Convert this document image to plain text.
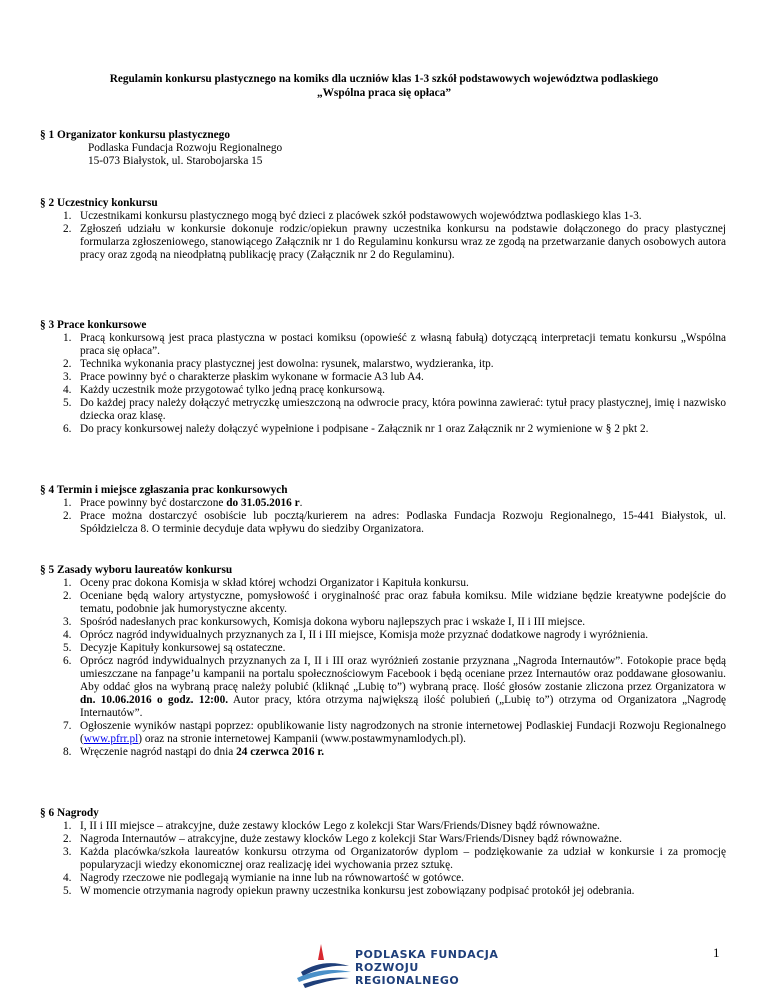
Regulamin konkursu plastycznego na komiks dla uczniów klas 1-3 szkół podstawowych województwa podlaskiego
„Wspólna praca się opłaca”
§ 1 Organizator konkursu plastycznego
Podlaska Fundacja Rozwoju Regionalnego
15-073 Białystok, ul. Starobojarska 15
§ 2 Uczestnicy konkursu
1. Uczestnikami konkursu plastycznego mogą być dzieci z placówek szkół podstawowych województwa podlaskiego klas 1-3.
2. Zgłoszeń udziału w konkursie dokonuje rodzic/opiekun prawny uczestnika konkursu na podstawie dołączonego do pracy plastycznej formularza zgłoszeniowego, stanowiącego Załącznik nr 1 do Regulaminu konkursu wraz ze zgodą na przetwarzanie danych osobowych autora pracy oraz zgodą na nieodpłatną publikację pracy (Załącznik nr 2 do Regulaminu).
§ 3 Prace konkursowe
1. Pracą konkursową jest praca plastyczna w postaci komiksu (opowieść z własną fabułą) dotyczącą interpretacji tematu konkursu „Wspólna praca się opłaca”.
2. Technika wykonania pracy plastycznej jest dowolna: rysunek, malarstwo, wydzieranka, itp.
3. Prace powinny być o charakterze płaskim wykonane w formacie A3 lub A4.
4. Każdy uczestnik może przygotować tylko jedną pracę konkursową.
5. Do każdej pracy należy dołączyć metryczkę umieszczoną na odwrocie pracy, która powinna zawierać: tytuł pracy plastycznej, imię i nazwisko dziecka oraz klasę.
6. Do pracy konkursowej należy dołączyć wypełnione i podpisane - Załącznik nr 1 oraz Załącznik nr 2 wymienione w § 2 pkt 2.
§ 4 Termin i miejsce zgłaszania prac konkursowych
1. Prace powinny być dostarczone do 31.05.2016 r.
2. Prace można dostarczyć osobiście lub pocztą/kurierem na adres: Podlaska Fundacja Rozwoju Regionalnego, 15-441 Białystok, ul. Spółdzielcza 8. O terminie decyduje data wpływu do siedziby Organizatora.
§ 5 Zasady wyboru laureatów konkursu
1. Oceny prac dokona Komisja w skład której wchodzi Organizator i Kapituła konkursu.
2. Oceniane będą walory artystyczne, pomysłowość i oryginalność prac oraz fabuła komiksu. Mile widziane będzie kreatywne podejście do tematu, podobnie jak humorystyczne akcenty.
3. Spośród nadesłanych prac konkursowych, Komisja dokona wyboru najlepszych prac i wskaże I, II i III miejsce.
4. Oprócz nagród indywidualnych przyznanych za I, II i III miejsce, Komisja może przyznać dodatkowe nagrody i wyróżnienia.
5. Decyzje Kapituły konkursowej są ostateczne.
6. Oprócz nagród indywidualnych przyznanych za I, II i III oraz wyróżnień zostanie przyznana „Nagroda Internautów”. Fotokopie prace będą umieszczane na fanpage’u kampanii na portalu społecznościowym Facebook i będą oceniane przez Internautów oraz poddawane głosowaniu. Aby oddać głos na wybraną pracę należy polubić (kliknąć „Lubię to”) wybraną pracę. Ilość głosów zostanie zliczona przez Organizatora w dn. 10.06.2016 o godz. 12:00. Autor pracy, która otrzyma największą ilość polubień („Lubię to”) otrzyma od Organizatora „Nagrodę Internautów”.
7. Ogłoszenie wyników nastąpi poprzez: opublikowanie listy nagrodzonych na stronie internetowej Podlaskiej Fundacji Rozwoju Regionalnego (www.pfrr.pl) oraz na stronie internetowej Kampanii (www.postawmynamlodych.pl).
8. Wręczenie nagród nastąpi do dnia 24 czerwca 2016 r.
§ 6 Nagrody
1. I, II i III miejsce – atrakcyjne, duże zestawy klocków Lego z kolekcji Star Wars/Friends/Disney bądź równoważne.
2. Nagroda Internautów – atrakcyjne, duże zestawy klocków Lego z kolekcji Star Wars/Friends/Disney bądź równoważne.
3. Każda placówka/szkoła laureatów konkursu otrzyma od Organizatorów dyplom – podziękowanie za udział w konkursie i za promocję popularyzacji wiedzy ekonomicznej oraz realizację idei wychowania przez sztukę.
4. Nagrody rzeczowe nie podlegają wymianie na inne lub na równowartość w gotówce.
5. W momencie otrzymania nagrody opiekun prawny uczestnika konkursu jest zobowiązany podpisać protokół jej odebrania.
1
PODLASKA FUNDACJA
ROZWOJU REGIONALNEGO
